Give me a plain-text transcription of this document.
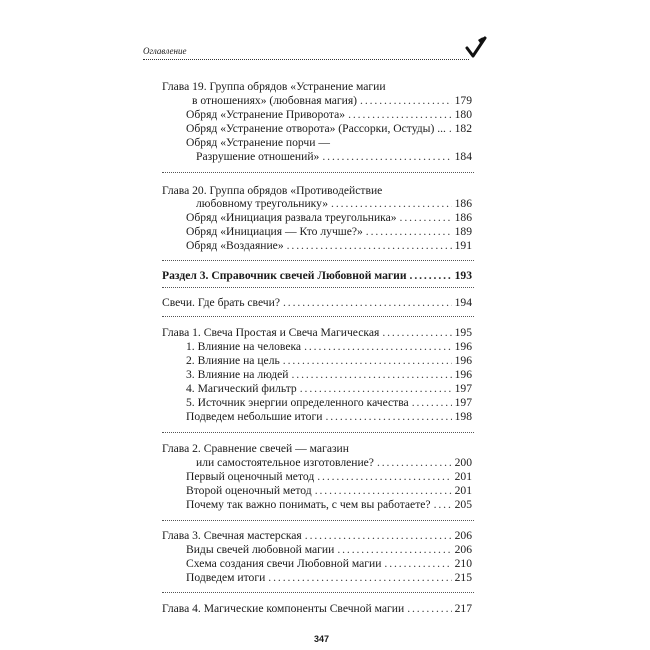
Оглавление
Глава 19. Группа обрядов «Устранение магии
в отношениях» (любовная магия) . . .	179
Обряд «Устранение Приворота» . . .	180
Обряд «Устранение отворота» (Рассорки, Остуды) ... . . . 182
Обряд «Устранение порчи —
Разрушение отношений» . . .	184
Глава 20. Группа обрядов «Противодействие
любовному треугольнику» . . .	186
Обряд «Инициация развала треугольника» . . .	186
Обряд «Инициация — Кто лучше?» . . .	189
Обряд «Воздаяние» . . .	191
Раздел 3. Справочник свечей Любовной магии . . .	193
Свечи. Где брать свечи? . . .	194
Глава 1. Свеча Простая и Свеча Магическая . . .	195
1. Влияние на человека . . .	196
2. Влияние на цель . . .	196
3. Влияние на людей . . .	196
4. Магический фильтр . . .	197
5. Источник энергии определенного качества . . .	197
Подведем небольшие итоги . . .	198
Глава 2. Сравнение свечей — магазин
или самостоятельное изготовление? . . .	200
Первый оценочный метод . . .	201
Второй оценочный метод . . .	201
Почему так важно понимать, с чем вы работаете? . . . 205
Глава 3. Свечная мастерская . . .	206
Виды свечей любовной магии . . .	206
Схема создания свечи Любовной магии . . .	210
Подведем итоги . . .	215
Глава 4. Магические компоненты Свечной магии . . .	217
347
